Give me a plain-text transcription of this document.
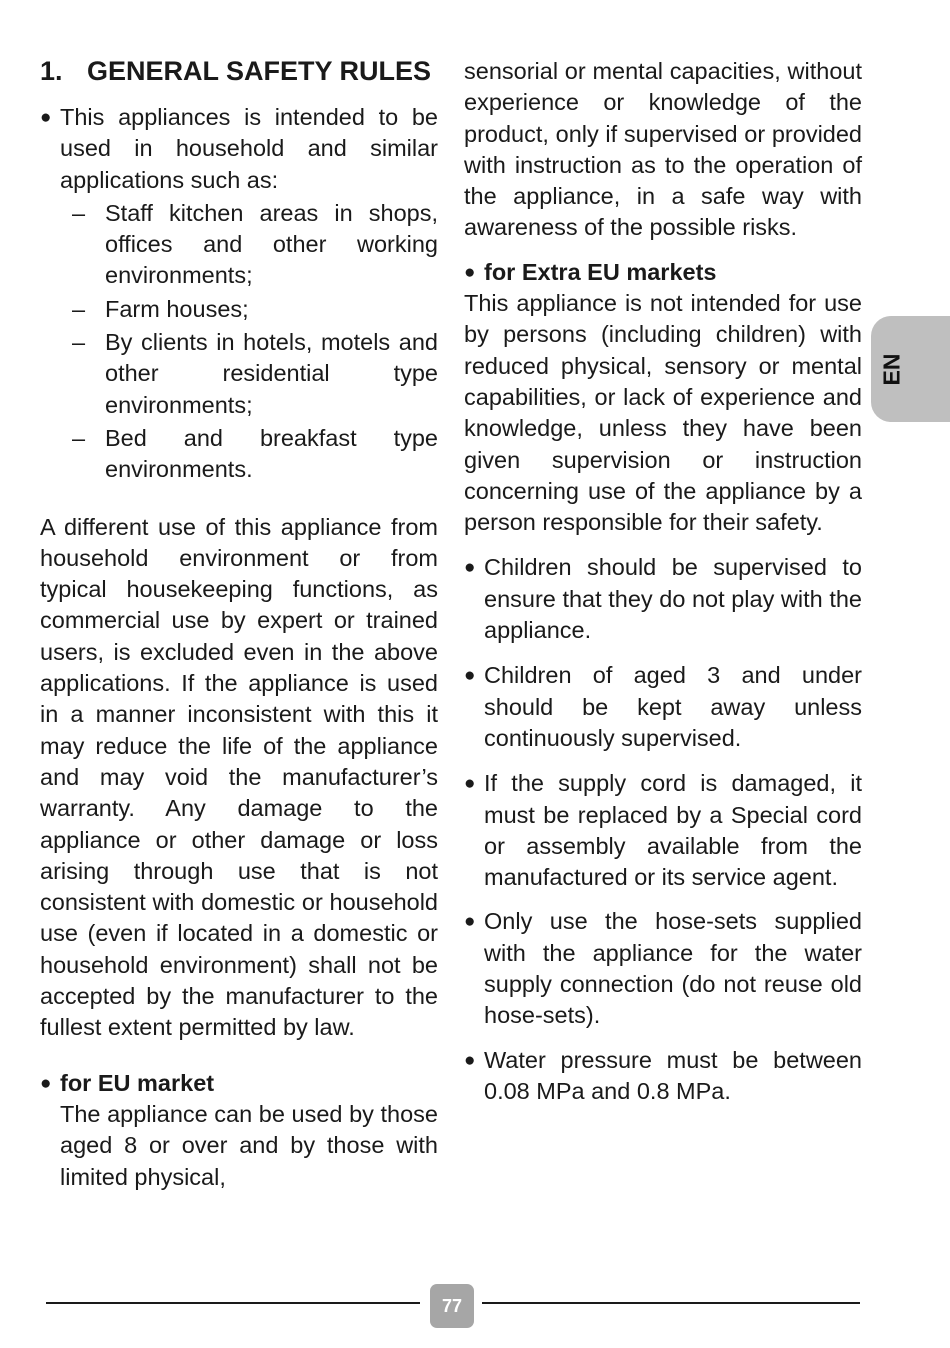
1. GENERAL SAFETY RULES
● This appliances is intended to be used in household and similar applications such as:
– Staff kitchen areas in shops, offices and other working environments;
– Farm houses;
– By clients in hotels, motels and other residential type environments;
– Bed and breakfast type environments.

A different use of this appliance from household environment or from typical housekeeping functions, as commercial use by expert or trained users, is excluded even in the above applications. If the appliance is used in a manner inconsistent with this it may reduce the life of the appliance and may void the manufacturer’s warranty. Any damage to the appliance or other damage or loss arising through use that is not consistent with domestic or household use (even if located in a domestic or household environment) shall not be accepted by the manufacturer to the fullest extent permitted by law.

● for EU market
The appliance can be used by those aged 8 or over and by those with limited physical,

sensorial or mental capacities, without experience or knowledge of the product, only if supervised or provided with instruction as to the operation of the appliance, in a safe way with awareness of the possible risks.

● for Extra EU markets
This appliance is not intended for use by persons (including children) with reduced physical, sensory or mental capabilities, or lack of experience and knowledge, unless they have been given supervision or instruction concerning use of the appliance by a person responsible for their safety.
● Children should be supervised to ensure that they do not play with the appliance.
● Children of aged 3 and under should be kept away unless continuously supervised.
● If the supply cord is damaged, it must be replaced by a Special cord or assembly available from the manufactured or its service agent.
● Only use the hose-sets supplied with the appliance for the water supply connection (do not reuse old hose-sets).
● Water pressure must be between 0.08 MPa and 0.8 MPa.
EN
77
